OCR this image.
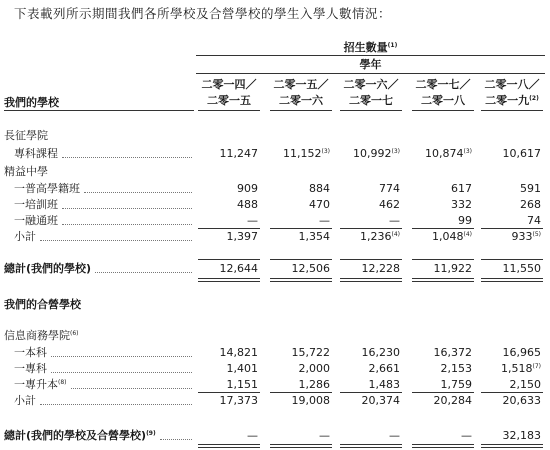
下表載列所示期間我們各所學校及合營學校的學生入學人數情況：
招生數量$^{(1)}$
學年
二零一四／
二零一五
二零一五／
二零一六
二零一六／
二零一七
二零一七／
二零一八
二零一八／
二零一九$^{(2)}$
我們的學校
長征學院
專科課程	11,247	11,152$^{(3)}$	10,992$^{(3)}$	10,874$^{(3)}$	10,617
精益中學
一普高學籍班	909	884	774	617	591
一培訓班	488	470	462	332	268
一融通班	—	—	—	99	74
小計	1,397	1,354	1,236$^{(4)}$	1,048$^{(4)}$	933$^{(5)}$
總計(我們的學校)	12,644	12,506	12,228	11,922	11,550
我們的合營學校
信息商務學院$^{(6)}$
一本科	14,821	15,722	16,230	16,372	16,965
一專科	1,401	2,000	2,661	2,153	1,518$^{(7)}$
一專升本$^{(8)}$	1,151	1,286	1,483	1,759	2,150
小計	17,373	19,008	20,374	20,284	20,633
總計(我們的學校及合營學校)$^{(9)}$	—	—	—	—	32,183
